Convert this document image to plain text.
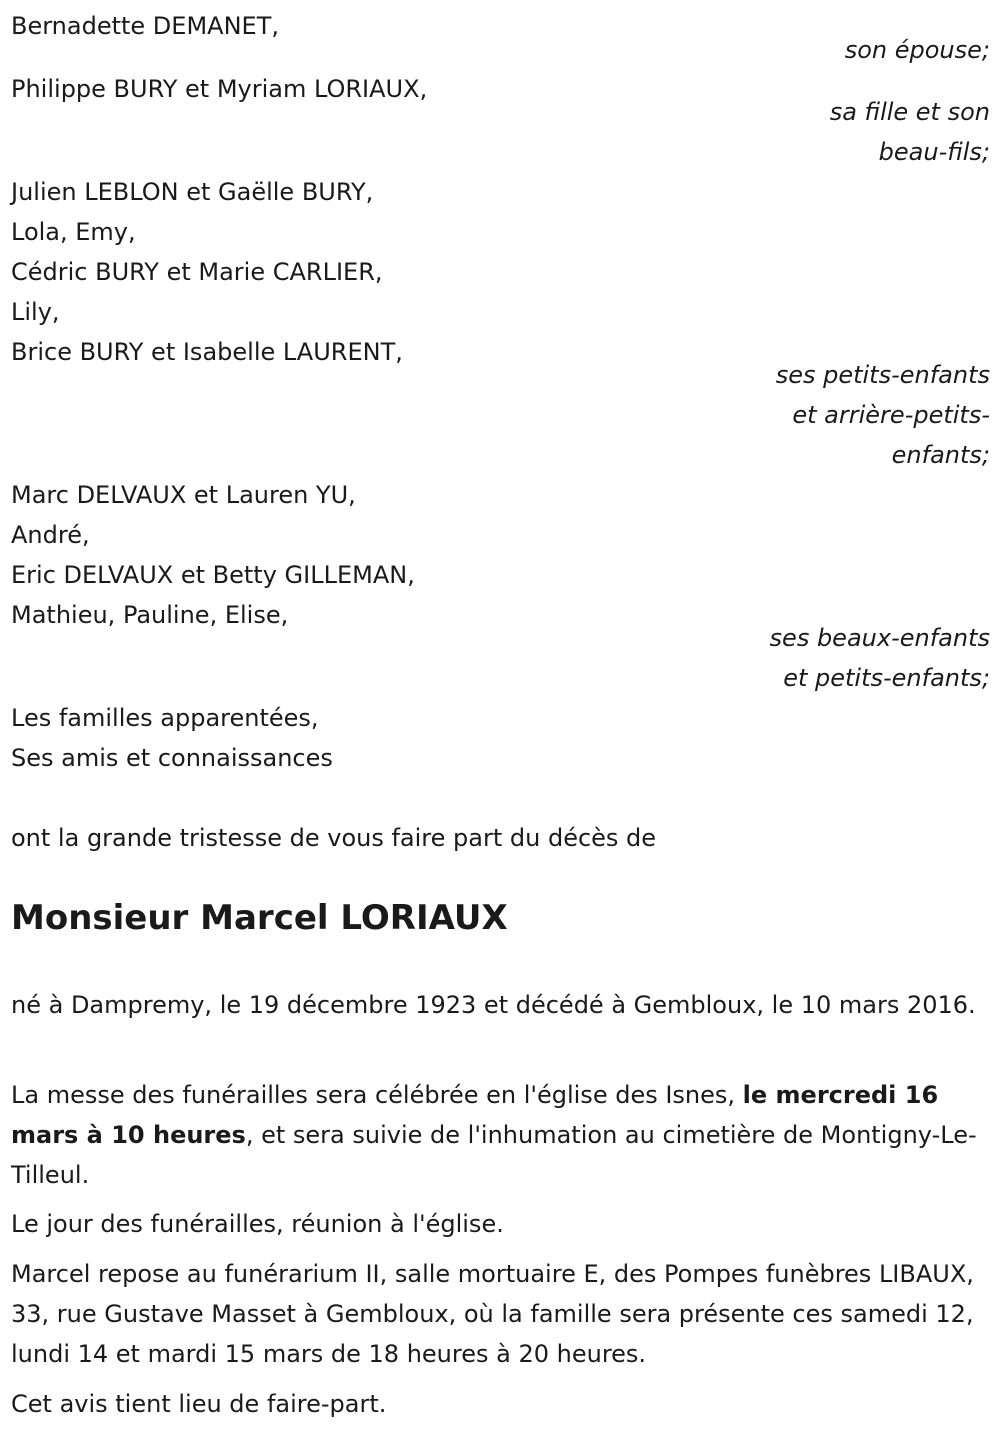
Bernadette DEMANET,
son épouse;
Philippe BURY et Myriam LORIAUX,
sa fille et son
beau-fils;
Julien LEBLON et Gaëlle BURY,
Lola, Emy,
Cédric BURY et Marie CARLIER,
Lily,
Brice BURY et Isabelle LAURENT,
ses petits-enfants
et arrière-petits-
enfants;
Marc DELVAUX et Lauren YU,
André,
Eric DELVAUX et Betty GILLEMAN,
Mathieu, Pauline, Elise,
ses beaux-enfants
et petits-enfants;
Les familles apparentées,
Ses amis et connaissances
ont la grande tristesse de vous faire part du décès de
Monsieur Marcel LORIAUX
né à Dampremy, le 19 décembre 1923 et décédé à Gembloux, le 10 mars 2016.
La messe des funérailles sera célébrée en l'église des Isnes, le mercredi 16 mars à 10 heures, et sera suivie de l'inhumation au cimetière de Montigny-Le-Tilleul.
Le jour des funérailles, réunion à l'église.
Marcel repose au funérarium II, salle mortuaire E, des Pompes funèbres LIBAUX, 33, rue Gustave Masset à Gembloux, où la famille sera présente ces samedi 12, lundi 14 et mardi 15 mars de 18 heures à 20 heures.
Cet avis tient lieu de faire-part.
